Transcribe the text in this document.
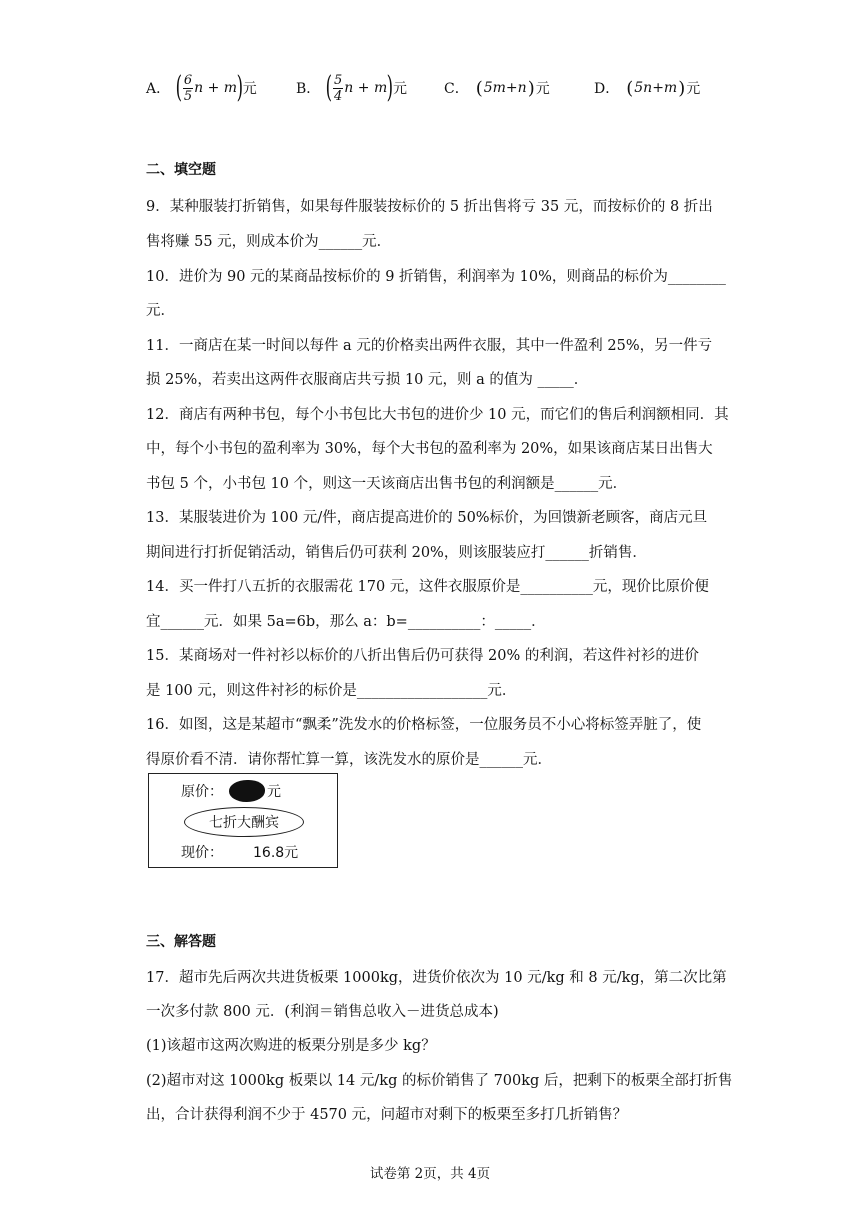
A． ( $\frac{6}{5}$ n + m ) 元	B． ( $\frac{5}{4}$ n + m ) 元	C． ( 5m+n ) 元	D． ( 5n+m ) 元
二、填空题
9．某种服装打折销售，如果每件服装按标价的 5 折出售将亏 35 元，而按标价的 8 折出
售将赚 55 元，则成本价为______元．
10．进价为 90 元的某商品按标价的 9 折销售，利润率为 10%，则商品的标价为________
元．
11．一商店在某一时间以每件 a 元的价格卖出两件衣服，其中一件盈利 25%，另一件亏
损 25%，若卖出这两件衣服商店共亏损 10 元，则 a 的值为 _____．
12．商店有两种书包，每个小书包比大书包的进价少 10 元，而它们的售后利润额相同．其
中，每个小书包的盈利率为 30%，每个大书包的盈利率为 20%，如果该商店某日出售大
书包 5 个，小书包 10 个，则这一天该商店出售书包的利润额是______元．
13．某服装进价为 100 元/件，商店提高进价的 50%标价，为回馈新老顾客，商店元旦
期间进行打折促销活动，销售后仍可获利 20%，则该服装应打______折销售．
14．买一件打八五折的衣服需花 170 元，这件衣服原价是__________元，现价比原价便
宜______元．如果 5a=6b，那么 a：b=__________：_____．
15．某商场对一件衬衫以标价的八折出售后仍可获得 20% 的利润，若这件衬衫的进价
是 100 元，则这件衬衫的标价是__________________元．
16．如图，这是某超市“飘柔”洗发水的价格标签，一位服务员不小心将标签弄脏了，使
得原价看不清．请你帮忙算一算，该洗发水的原价是______元．
原价：	元
七折大酬宾
现价： 16.8元
三、解答题
17．超市先后两次共进货板栗 1000kg，进货价依次为 10 元/kg 和 8 元/kg，第二次比第
一次多付款 800 元．(利润＝销售总收入－进货总成本)
(1)该超市这两次购进的板栗分别是多少 kg？
(2)超市对这 1000kg 板栗以 14 元/kg 的标价销售了 700kg 后，把剩下的板栗全部打折售
出，合计获得利润不少于 4570 元，问超市对剩下的板栗至多打几折销售？
试卷第 2页，共 4页
